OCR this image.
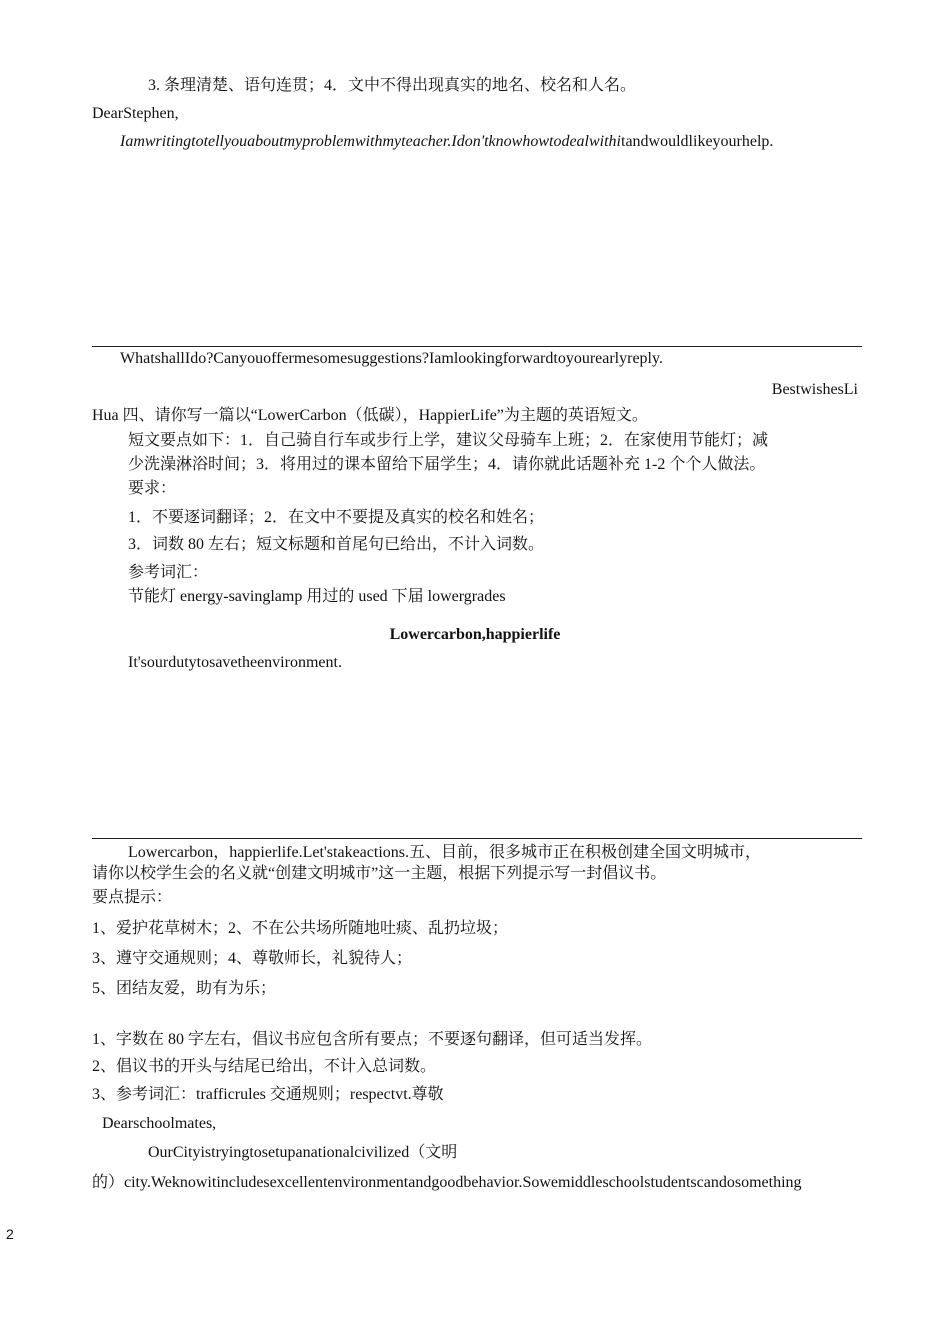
3. 条理清楚、语句连贯；4．文中不得出现真实的地名、校名和人名。
DearStephen,
Iamwritingtotellyouaboutmyproblemwithmyteacher.Idon'tknowhowtodealwithitandwouldlikeyourhelp.
WhatshallIdo?Canyouoffermesomesuggestions?Iamlookingforwardtoyourearlyreply.
BestwishesLi
Hua 四、请你写一篇以“LowerCarbon（低碳），HappierLife”为主题的英语短文。
短文要点如下：1．自己骑自行车或步行上学，建议父母骑车上班；2．在家使用节能灯；减
少洗澡淋浴时间；3．将用过的课本留给下届学生；4．请你就此话题补充 1-2 个个人做法。
要求：
1．不要逐词翻译；2．在文中不要提及真实的校名和姓名；
3．词数 80 左右；短文标题和首尾句已给出，不计入词数。
参考词汇：
节能灯 energy-savinglamp 用过的 used 下届 lowergrades
Lowercarbon,happierlife
It'sourdutytosavetheenvironment.
Lowercarbon，happierlife.Let'stakeactions.五、目前，很多城市正在积极创建全国文明城市，
请你以校学生会的名义就“创建文明城市”这一主题，根据下列提示写一封倡议书。
要点提示：
1、爱护花草树木；2、不在公共场所随地吐痰、乱扔垃圾；
3、遵守交通规则；4、尊敬师长，礼貌待人；
5、团结友爱，助有为乐；
1、字数在 80 字左右，倡议书应包含所有要点；不要逐句翻译，但可适当发挥。
2、倡议书的开头与结尾已给出，不计入总词数。
3、参考词汇：trafficrules 交通规则；respectvt.尊敬
Dearschoolmates,
OurCityistryingtosetupanationalcivilized（文明
的）city.Weknowitincludesexcellentenvironmentandgoodbehavior.Sowemiddleschoolstudentscandosomething
2
